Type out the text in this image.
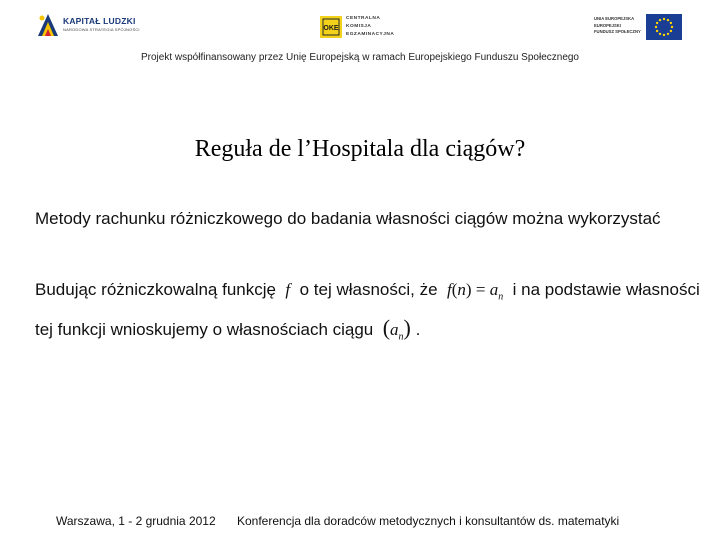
KAPITAŁ LUDZKI
NARODOWA STRATEGIA SPÓJNOŚCI	OKE
CENTRALNA
KOMISJA
EGZAMINACYJNA
UNIA EUROPEJSKA
EUROPEJSKI
FUNDUSZ SPOŁECZNY
Projekt współfinansowany przez Unię Europejską w ramach Europejskiego Funduszu Społecznego
Reguła de l’Hospitala dla ciągów?
Metody rachunku różniczkowego do badania własności ciągów można wykorzystać
Budując różniczkowalną funkcję f o tej własności, że $f(n) = a_n$ i na podstawie własności
tej funkcji wnioskujemy o własnościach ciągu $(a_n)$ .
Warszawa, 1 - 2 grudnia 2012 Konferencja dla doradców metodycznych i konsultantów ds. matematyki
